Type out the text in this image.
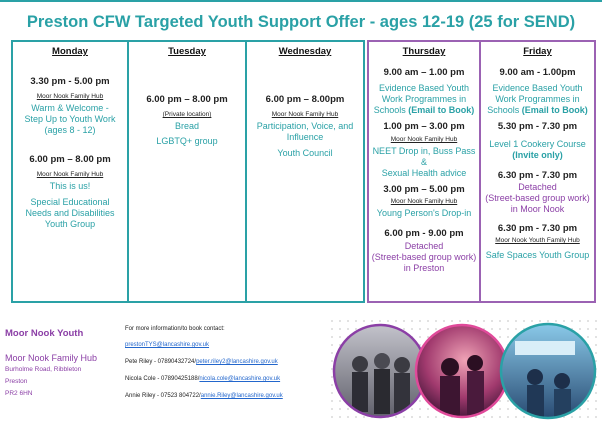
Preston CFW Targeted Youth Support Offer - ages 12-19 (25 for SEND)
Monday
3.30 pm - 5.00 pm
Moor Nook Family Hub
Warm & Welcome -
Step Up to Youth Work
(ages 8 - 12)
6.00 pm – 8.00 pm
Moor Nook Family Hub
This is us!
Special Educational
Needs and Disabilities
Youth Group
Tuesday
6.00 pm – 8.00 pm
(Private location)
Bread
LGBTQ+ group
Wednesday
6.00 pm – 8.00pm
Moor Nook Family Hub
Participation, Voice, and
Influence
Youth Council
Thursday
9.00 am – 1.00 pm
Evidence Based Youth
Work Programmes in
Schools (Email to Book)
1.00 pm – 3.00 pm
Moor Nook Family Hub
NEET Drop in, Buss Pass &
Sexual Health advice
3.00 pm – 5.00 pm
Moor Nook Family Hub
Young Person's Drop-in
6.00 pm - 9.00 pm
Detached
(Street-based group work)
in Preston
Friday
9.00 am - 1.00pm
Evidence Based Youth
Work Programmes in
Schools (Email to Book)
5.30 pm - 7.30 pm
Level 1 Cookery Course
(Invite only)
6.30 pm - 7.30 pm
Detached
(Street-based group work)
in Moor Nook
6.30 pm - 7.30 pm
Moor Nook Youth Family Hub
Safe Spaces Youth Group
Moor Nook Youth
Moor Nook Family Hub
Burholme Road, Ribbleton
Preston
PR2 6HN
For more information/to book contact:
prestonTYS@lancashire.gov.uk
Pete Riley - 07890432724/peter.riley2@lancashire.gov.uk
Nicola Cole - 07890425188/nicola.cole@lancashire.gov.uk
Annie Riley - 07523 804722/annie.Riley@lancashire.gov.uk
